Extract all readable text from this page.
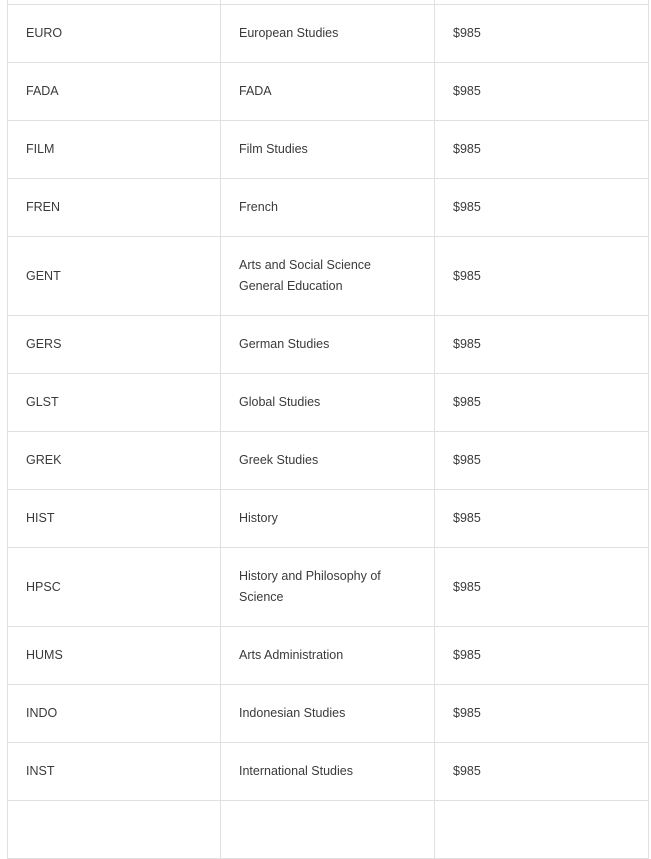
EURO	European Studies	$985
FADA	FADA	$985
FILM	Film Studies	$985
FREN	French	$985
GENT	Arts and Social Science General Education	$985
GERS	German Studies	$985
GLST	Global Studies	$985
GREK	Greek Studies	$985
HIST	History	$985
HPSC	History and Philosophy of Science	$985
HUMS	Arts Administration	$985
INDO	Indonesian Studies	$985
INST	International Studies	$985
